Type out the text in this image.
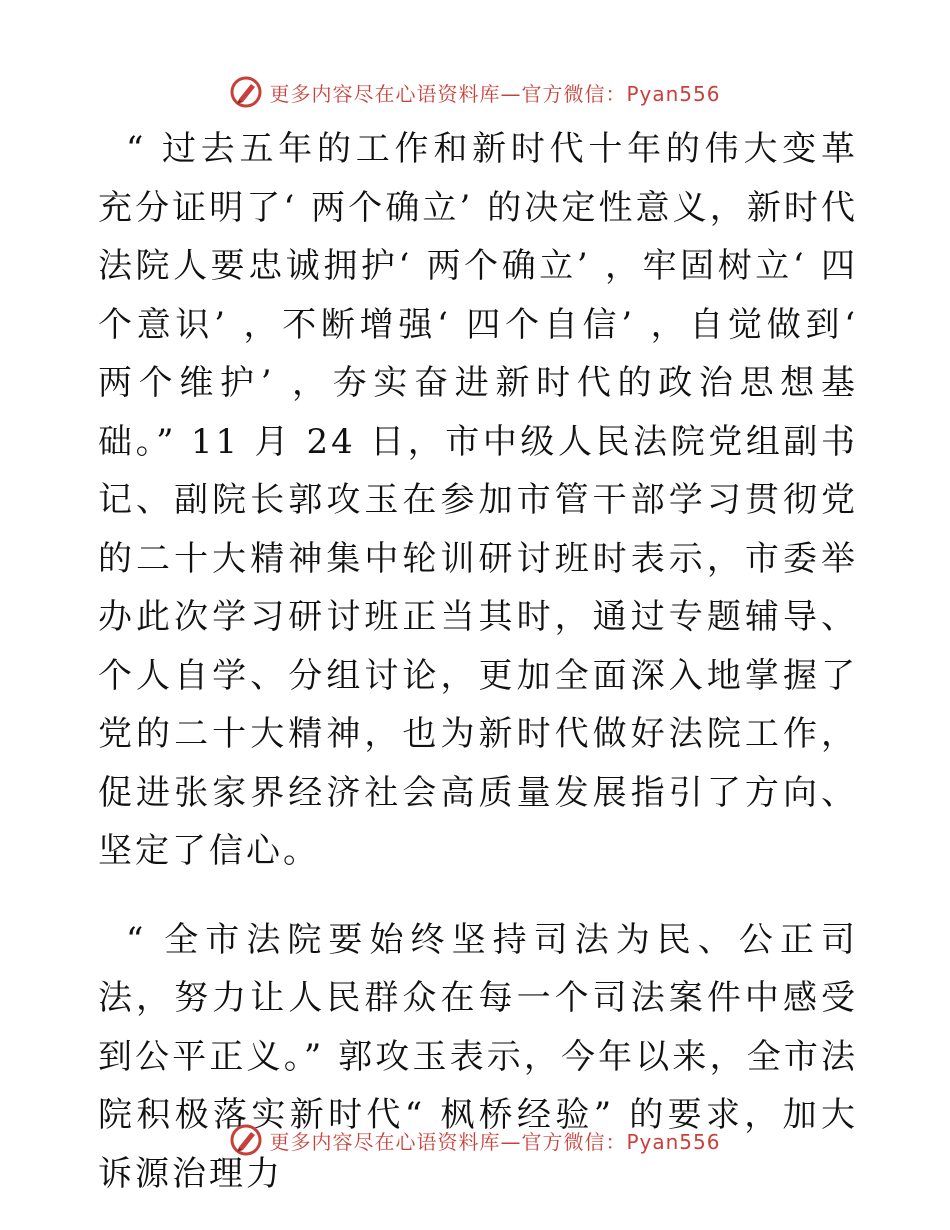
更多内容尽在心语资料库—官方微信：Pyan556

“ 过去五年的工作和新时代十年的伟大变革充分证明了‘ 两个确立’ 的决定性意义，新时代法院人要忠诚拥护‘ 两个确立’ ，牢固树立‘ 四个意识’ ，不断增强‘ 四个自信’ ，自觉做到‘ 两个维护’ ，夯实奋进新时代的政治思想基础。” 11 月 24 日，市中级人民法院党组副书记、副院长郭攻玉在参加市管干部学习贯彻党的二十大精神集中轮训研讨班时表示，市委举办此次学习研讨班正当其时，通过专题辅导、个人自学、分组讨论，更加全面深入地掌握了党的二十大精神，也为新时代做好法院工作，促进张家界经济社会高质量发展指引了方向、坚定了信心。

“ 全市法院要始终坚持司法为民、公正司法，努力让人民群众在每一个司法案件中感受到公平正义。” 郭攻玉表示，今年以来，全市法院积极落实新时代“ 枫桥经验” 的要求，加大诉源治理力

更多内容尽在心语资料库—官方微信：Pyan556
